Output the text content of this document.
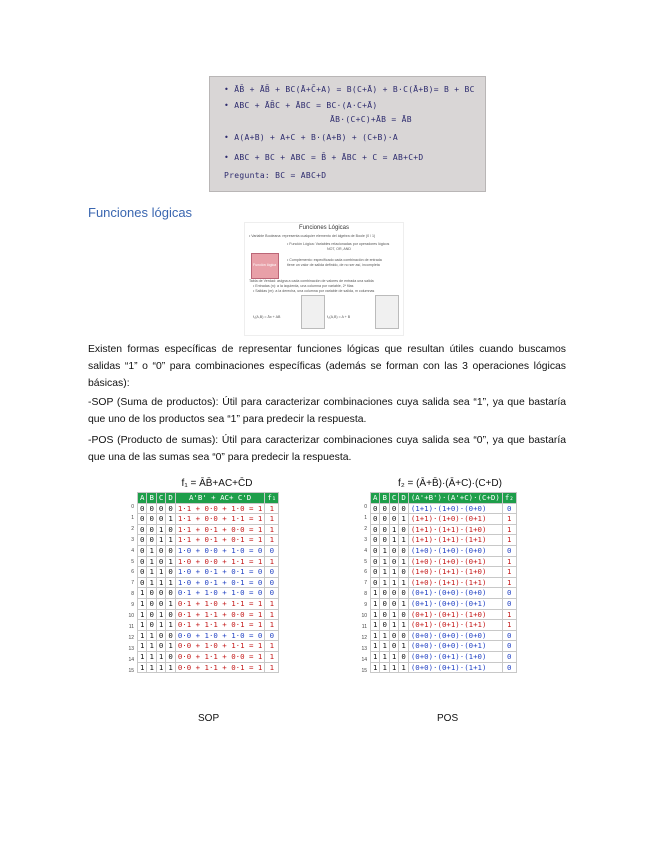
• ĀB̄ + ĀB̄ + BC(Ā+C̄+A) = B(C+Ā) + B·C(Ā+B)= B + BC
• ABC + ĀB̄C + ĀBC = BC·(A·C+Ā)
ĀB·(C+C)+ĀB = ĀB
• A(A+B) + A+C + B·(A+B) + (C+B)·A
• ABC + BC + ABC = B̄ + ĀBC + C = AB+C+D
Pregunta: BC = ABC+D
Funciones lógicas
Funciones Lógicas
• Variable Booleana: representa cualquier elemento del álgebra de Boole (0 / 1)
• Función Lógica: Variables relacionadas por operadores lógicos
NOT, OR, AND
Función lógica
• Complemento: especificado cada combinación de entrada
tiene un valor de salida definido, de no ser así, incompleta
Tabla de Verdad: asigna a cada combinación de valores de entrada una salida
• Entradas (n): a la izquierda, una columna por variable, 2ⁿ filas
• Salidas (m): a la derecha, una columna por variable de salida, m columnas
f₁(A,B) = Āx + AB	f₂(A,B) = A + B
Existen formas específicas de representar funciones lógicas que resultan útiles cuando buscamos salidas “1” o “0” para combinaciones específicas (además se forman con las 3 operaciones lógicas básicas):
-SOP (Suma de productos): Útil para caracterizar combinaciones cuya salida sea “1”, ya que bastaría que uno de los productos sea “1” para predecir la respuesta.
-POS (Producto de sumas): Útil para caracterizar combinaciones cuya salida sea “0”, ya que bastaría que una de las sumas sea “0” para predecir la respuesta.
f₁ = ĀB̄+AC+C̄D
0
1
2
3
4
5
6
7
8
9
10
11
12
13
14
15
A	B	C	D	A'B' + AC+ C'D	f₁
0	0	0	0	1·1 + 0·0 + 1·0 = 1	1
0	0	0	1	1·1 + 0·0 + 1·1 = 1	1
0	0	1	0	1·1 + 0·1 + 0·0 = 1	1
0	0	1	1	1·1 + 0·1 + 0·1 = 1	1
0	1	0	0	1·0 + 0·0 + 1·0 = 0	0
0	1	0	1	1·0 + 0·0 + 1·1 = 1	1
0	1	1	0	1·0 + 0·1 + 0·1 = 0	0
0	1	1	1	1·0 + 0·1 + 0·1 = 0	0
1	0	0	0	0·1 + 1·0 + 1·0 = 0	0
1	0	0	1	0·1 + 1·0 + 1·1 = 1	1
1	0	1	0	0·1 + 1·1 + 0·0 = 1	1
1	0	1	1	0·1 + 1·1 + 0·1 = 1	1
1	1	0	0	0·0 + 1·0 + 1·0 = 0	0
1	1	0	1	0·0 + 1·0 + 1·1 = 1	1
1	1	1	0	0·0 + 1·1 + 0·0 = 1	1
1	1	1	1	0·0 + 1·1 + 0·1 = 1	1
SOP
f₂ = (Ā+B̄)·(Ā+C)·(C+D)
0
1
2
3
4
5
6
7
8
9
10
11
12
13
14
15
A	B	C	D	(A'+B')·(A'+C)·(C+D)	f₂
0	0	0	0	(1+1)·(1+0)·(0+0)	0
0	0	0	1	(1+1)·(1+0)·(0+1)	1
0	0	1	0	(1+1)·(1+1)·(1+0)	1
0	0	1	1	(1+1)·(1+1)·(1+1)	1
0	1	0	0	(1+0)·(1+0)·(0+0)	0
0	1	0	1	(1+0)·(1+0)·(0+1)	1
0	1	1	0	(1+0)·(1+1)·(1+0)	1
0	1	1	1	(1+0)·(1+1)·(1+1)	1
1	0	0	0	(0+1)·(0+0)·(0+0)	0
1	0	0	1	(0+1)·(0+0)·(0+1)	0
1	0	1	0	(0+1)·(0+1)·(1+0)	1
1	0	1	1	(0+1)·(0+1)·(1+1)	1
1	1	0	0	(0+0)·(0+0)·(0+0)	0
1	1	0	1	(0+0)·(0+0)·(0+1)	0
1	1	1	0	(0+0)·(0+1)·(1+0)	0
1	1	1	1	(0+0)·(0+1)·(1+1)	0
POS
